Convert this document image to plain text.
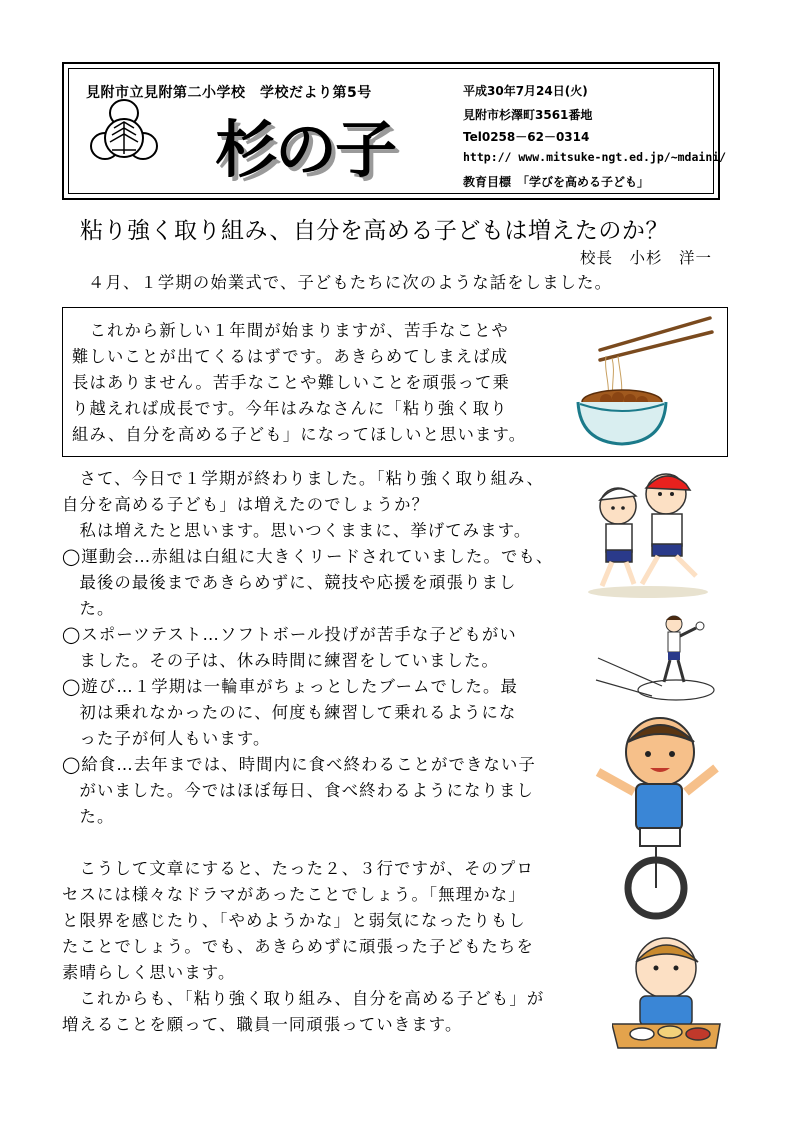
見附市立見附第二小学校　学校だより第5号
杉の子
平成30年7月24日(火)
見附市杉澤町3561番地
Tel0258－62－0314
http:// www.mitsuke-ngt.ed.jp/~mdaini/
教育目標　「学びを高める子ども」
粘り強く取り組み、自分を高める子どもは増えたのか？
校長　小杉　洋一
４月、１学期の始業式で、子どもたちに次のような話をしました。
　これから新しい１年間が始まりますが、苦手なことや
難しいことが出てくるはずです。あきらめてしまえば成
長はありません。苦手なことや難しいことを頑張って乗
り越えれば成長です。今年はみなさんに「粘り強く取り
組み、自分を高める子ども」になってほしいと思います。
　さて、今日で１学期が終わりました。「粘り強く取り組み、
自分を高める子ども」は増えたのでしょうか？
　私は増えたと思います。思いつくままに、挙げてみます。
◯運動会…赤組は白組に大きくリードされていました。でも、
　最後の最後まであきらめずに、競技や応援を頑張りまし
　た。
◯スポーツテスト…ソフトボール投げが苦手な子どもがい
　ました。その子は、休み時間に練習をしていました。
◯遊び…１学期は一輪車がちょっとしたブームでした。最
　初は乗れなかったのに、何度も練習して乗れるようにな
　った子が何人もいます。
◯給食…去年までは、時間内に食べ終わることができない子
　がいました。今ではほぼ毎日、食べ終わるようになりまし
　た。
　こうして文章にすると、たった２、３行ですが、そのプロ
セスには様々なドラマがあったことでしょう。「無理かな」
と限界を感じたり、「やめようかな」と弱気になったりもし
たことでしょう。でも、あきらめずに頑張った子どもたちを
素晴らしく思います。
　これからも、「粘り強く取り組み、自分を高める子ども」が
増えることを願って、職員一同頑張っていきます。
